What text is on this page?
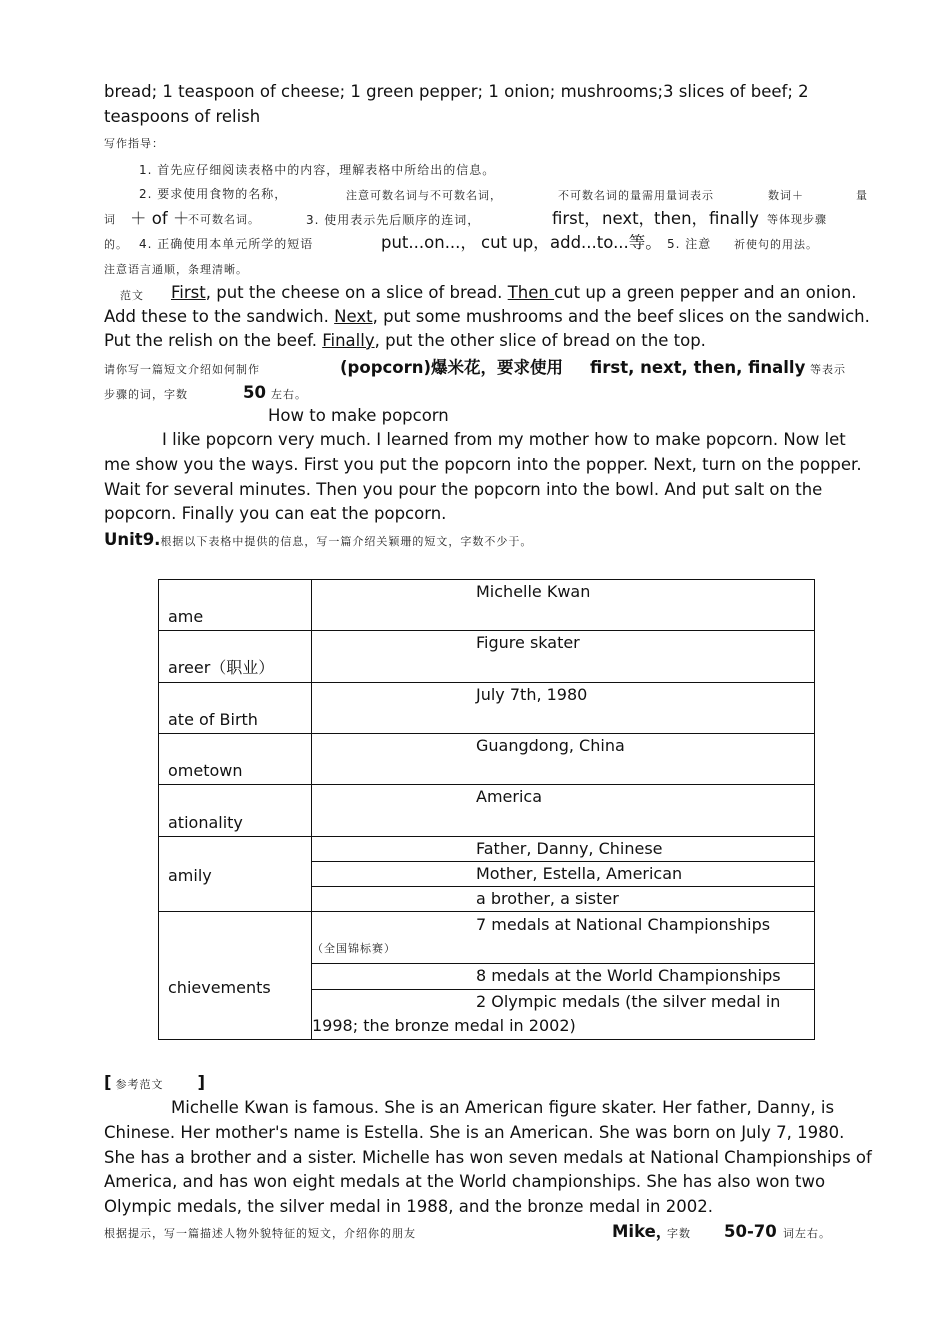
bread; 1 teaspoon of cheese; 1 green pepper; 1 onion; mushrooms;3 slices of beef; 2
teaspoons of relish
写作指导：
1. 首先应仔细阅读表格中的内容，理解表格中所给出的信息。
2. 要求使用食物的名称，	注意可数名词与不可数名词，	不可数名词的量需用量词表示	数词＋	量
词 ＋ of ＋
不可数名词。	3. 使用表示先后顺序的连词，	first， next，
then， finally 等体现步骤
的。 4. 正确使用本单元所学的短语	put...on...， cut up， add...to...等。 5. 注意 祈使句的用法。
注意语言通顺，条理清晰。
范文 First, put the cheese on a slice of bread. Then cut up a green pepper and an onion.
Add these to the sandwich. Next, put some mushrooms and the beef slices on the sandwich.
Put the relish on the beef. Finally, put the other slice of bread on the top.
请你写一篇短文介绍如何制作	(popcorn)爆米花，要求使用 first, next, then, finally 等表示
步骤的词，字数	50 左右。
How to make popcorn
I like popcorn very much. I learned from my mother how to make popcorn. Now let me show you the ways. First you put the popcorn into the popper. Next, turn on the popper. Wait for several minutes. Then you pour the popcorn into the bowl. And put salt on the popcorn. Finally you can eat the popcorn.
Unit9.根据以下表格中提供的信息，写一篇介绍关颖珊的短文，字数不少于。
ame	Michelle Kwan

areer（职业）	Figure skater

ate of Birth	July 7th, 1980

ometown	Guangdong, China

ationality	America

amily	Father, Danny, Chinese

	Mother, Estella, American

	a brother, a sister

chievements	7 medals at National Championships
（全国锦标赛）

	8 medals at the World Championships

	2 Olympic medals (the silver medal in 1998; the bronze medal in 2002)
[ 参考范文 ]
Michelle Kwan is famous. She is an American figure skater. Her father, Danny, is Chinese. Her mother's name is Estella. She is an American. She was born on July 7, 1980. She has a brother and a sister. Michelle has won seven medals at National Championships of America, and has won eight medals at the World championships. She has also won two Olympic medals, the silver medal in 1988, and the bronze medal in 2002.
根据提示，写一篇描述人物外貌特征的短文，介绍你的朋友	Mike，
字数 50-70 词左右。
